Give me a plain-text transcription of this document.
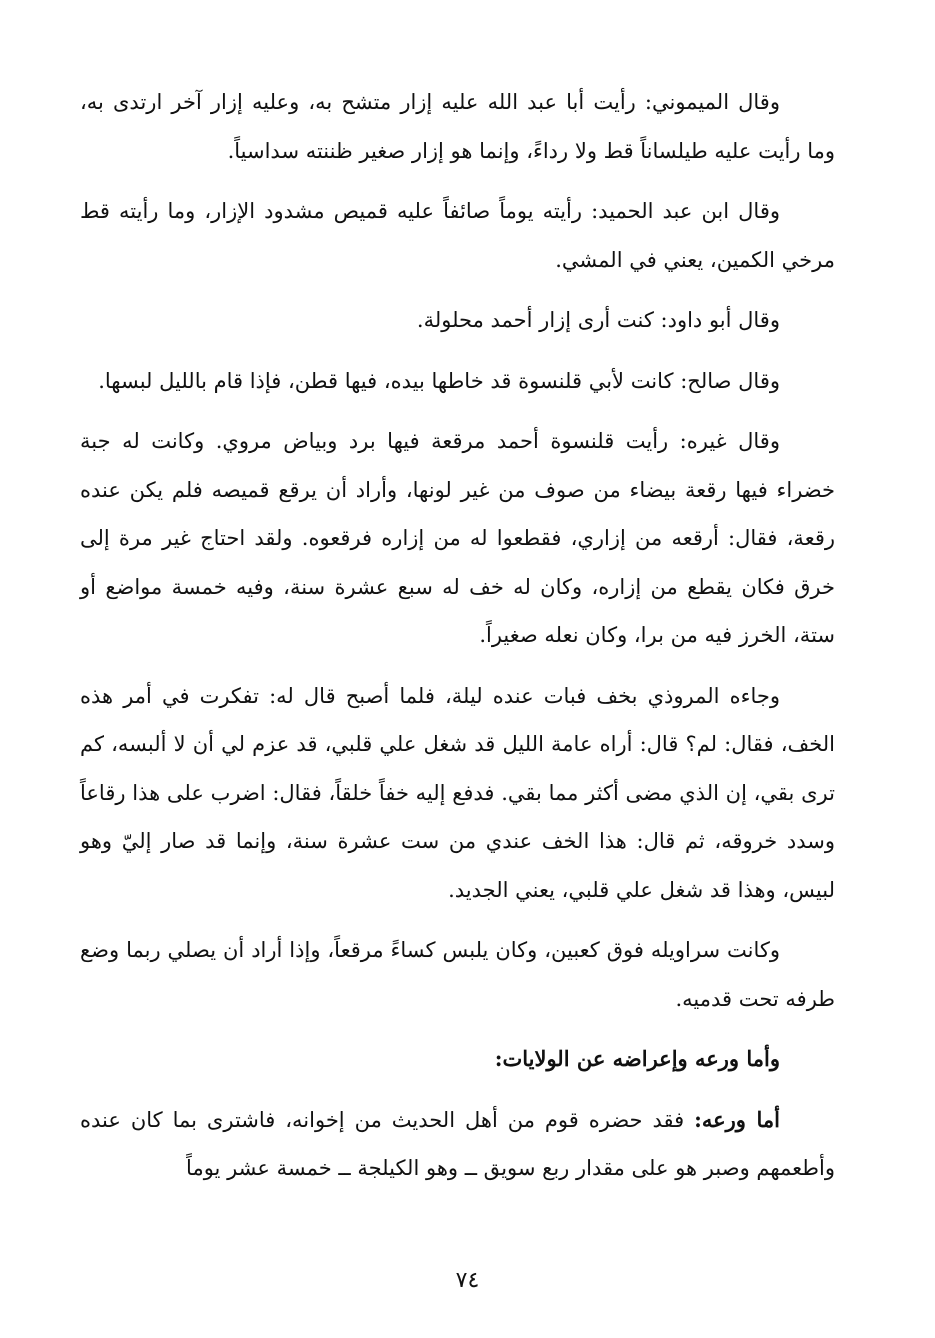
وقال الميموني: رأيت أبا عبد الله عليه إزار متشح به، وعليه إزار آخر ارتدى به، وما رأيت عليه طيلساناً قط ولا رداءً، وإنما هو إزار صغير ظننته سداسياً.

وقال ابن عبد الحميد: رأيته يوماً صائفاً عليه قميص مشدود الإزار، وما رأيته قط مرخي الكمين، يعني في المشي.

وقال أبو داود: كنت أرى إزار أحمد محلولة.

وقال صالح: كانت لأبي قلنسوة قد خاطها بيده، فيها قطن، فإذا قام بالليل لبسها.

وقال غيره: رأيت قلنسوة أحمد مرقعة فيها برد وبياض مروي. وكانت له جبة خضراء فيها رقعة بيضاء من صوف من غير لونها، وأراد أن يرقع قميصه فلم يكن عنده رقعة، فقال: أرقعه من إزاري، فقطعوا له من إزاره فرقعوه. ولقد احتاج غير مرة إلى خرق فكان يقطع من إزاره، وكان له خف له سبع عشرة سنة، وفيه خمسة مواضع أو ستة، الخرز فيه من برا، وكان نعله صغيراً.

وجاءه المروذي بخف فبات عنده ليلة، فلما أصبح قال له: تفكرت في أمر هذه الخف، فقال: لم؟ قال: أراه عامة الليل قد شغل علي قلبي، قد عزم لي أن لا ألبسه، كم ترى بقي، إن الذي مضى أكثر مما بقي. فدفع إليه خفاً خلقاً، فقال: اضرب على هذا رقاعاً وسدد خروقه، ثم قال: هذا الخف عندي من ست عشرة سنة، وإنما قد صار إليّ وهو لبيس، وهذا قد شغل علي قلبي، يعني الجديد.

وكانت سراويله فوق كعبين، وكان يلبس كساءً مرقعاً، وإذا أراد أن يصلي ربما وضع طرفه تحت قدميه.

وأما ورعه وإعراضه عن الولايات:

أما ورعه: فقد حضره قوم من أهل الحديث من إخوانه، فاشترى بما كان عنده وأطعمهم وصبر هو على مقدار ربع سويق ــ وهو الكيلجة ــ خمسة عشر يوماً

٧٤
